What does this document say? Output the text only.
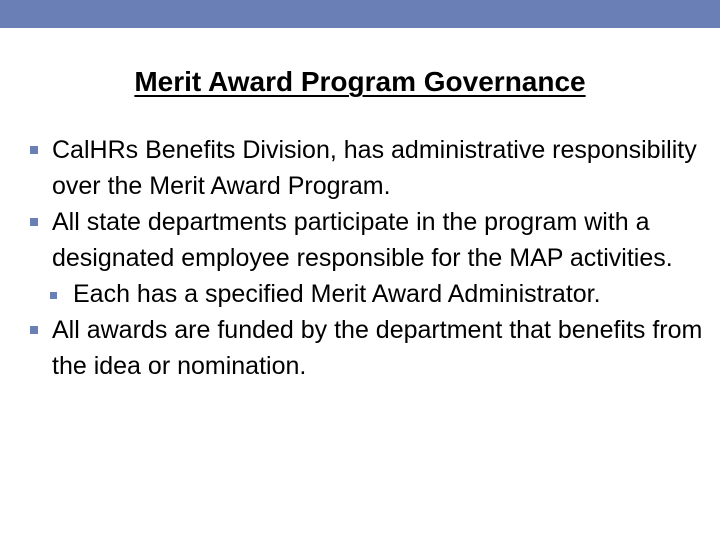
Merit Award Program Governance
CalHRs Benefits Division, has administrative responsibility over the Merit Award Program.
All state departments participate in the program with a designated employee responsible for the MAP activities.
Each has a specified Merit Award Administrator.
All awards are funded by the department that benefits from the idea or nomination.
